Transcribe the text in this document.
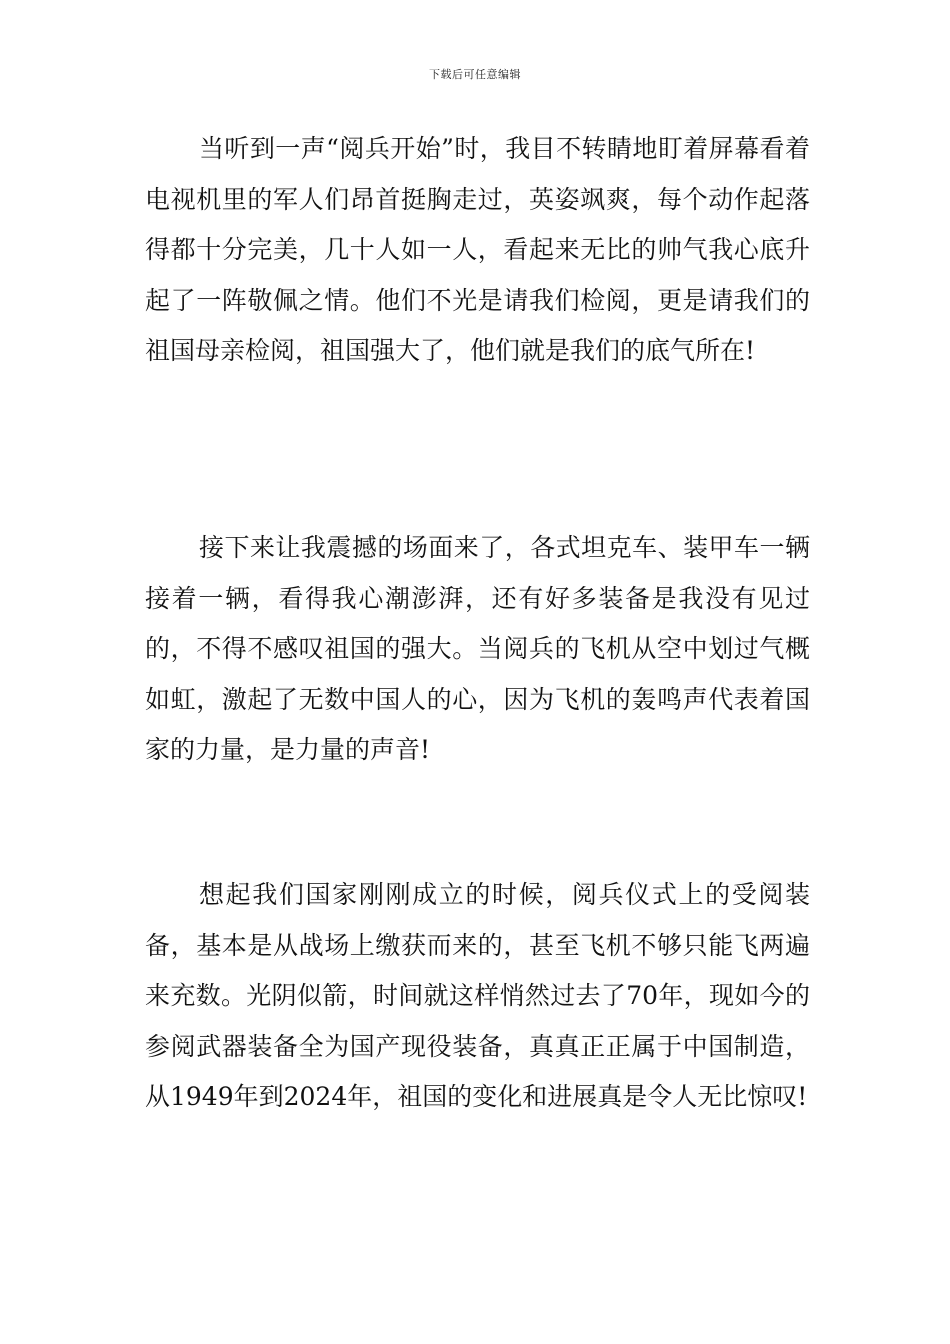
下载后可任意编辑

当听到一声“阅兵开始”时，我目不转睛地盯着屏幕看着电视机里的军人们昂首挺胸走过，英姿飒爽，每个动作起落得都十分完美，几十人如一人，看起来无比的帅气我心底升起了一阵敬佩之情。他们不光是请我们检阅，更是请我们的祖国母亲检阅，祖国强大了，他们就是我们的底气所在!

接下来让我震撼的场面来了，各式坦克车、装甲车一辆接着一辆，看得我心潮澎湃，还有好多装备是我没有见过的，不得不感叹祖国的强大。当阅兵的飞机从空中划过气概如虹，激起了无数中国人的心，因为飞机的轰鸣声代表着国家的力量，是力量的声音!

想起我们国家刚刚成立的时候，阅兵仪式上的受阅装备，基本是从战场上缴获而来的，甚至飞机不够只能飞两遍来充数。光阴似箭，时间就这样悄然过去了70年，现如今的参阅武器装备全为国产现役装备，真真正正属于中国制造，从1949年到2024年，祖国的变化和进展真是令人无比惊叹!
